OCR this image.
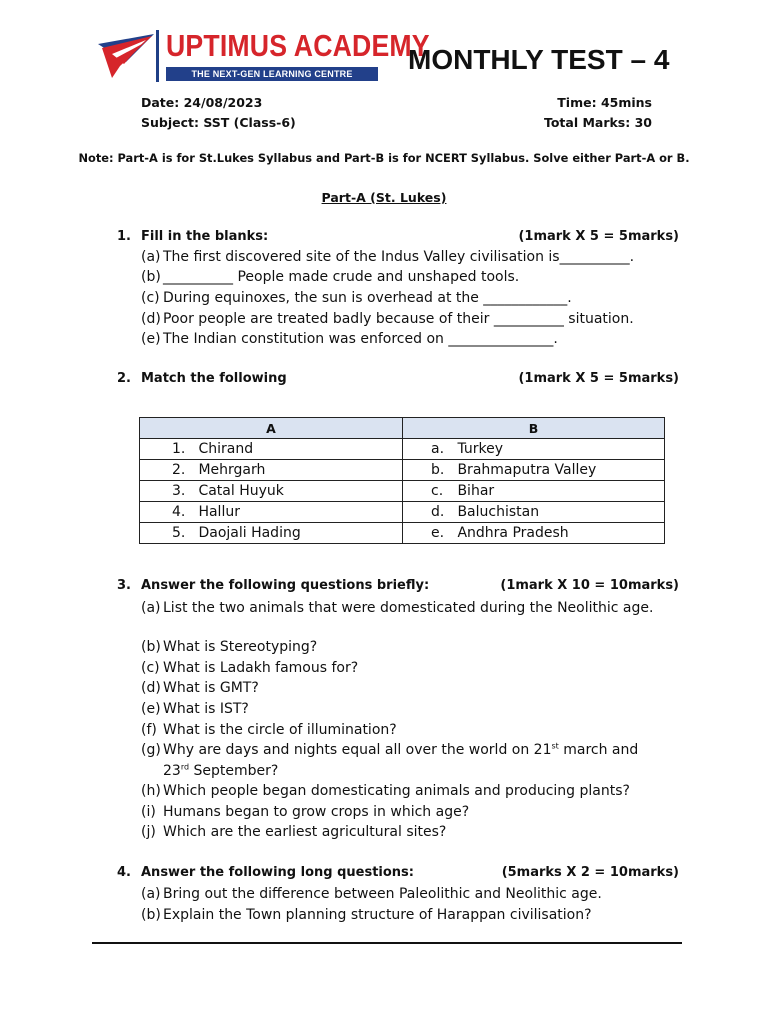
UPTIMUS ACADEMY
THE NEXT-GEN LEARNING CENTRE	MONTHLY TEST – 4
Date: 24/08/2023	Time: 45mins
Subject: SST (Class-6)	Total Marks: 30
Note: Part-A is for St.Lukes Syllabus and Part-B is for NCERT Syllabus. Solve either Part-A or B.
Part-A (St. Lukes)
1. Fill in the blanks:	(1mark X 5 = 5marks)
(a) The first discovered site of the Indus Valley civilisation is__________.
(b) __________ People made crude and unshaped tools.
(c) During equinoxes, the sun is overhead at the ____________.
(d) Poor people are treated badly because of their __________ situation.
(e) The Indian constitution was enforced on _______________.
2. Match the following	(1mark X 5 = 5marks)
A	B
1. Chirand	a. Turkey
2. Mehrgarh	b. Brahmaputra Valley
3. Catal Huyuk	c. Bihar
4. Hallur	d. Baluchistan
5. Daojali Hading	e. Andhra Pradesh
3. Answer the following questions briefly:	(1mark X 10 = 10marks)
(a) List the two animals that were domesticated during the Neolithic age.
(b) What is Stereotyping?
(c) What is Ladakh famous for?
(d) What is GMT?
(e) What is IST?
(f) What is the circle of illumination?
(g) Why are days and nights equal all over the world on 21st march and
23rd September?
(h) Which people began domesticating animals and producing plants?
(i) Humans began to grow crops in which age?
(j) Which are the earliest agricultural sites?
4. Answer the following long questions:	(5marks X 2 = 10marks)
(a) Bring out the difference between Paleolithic and Neolithic age.
(b) Explain the Town planning structure of Harappan civilisation?
